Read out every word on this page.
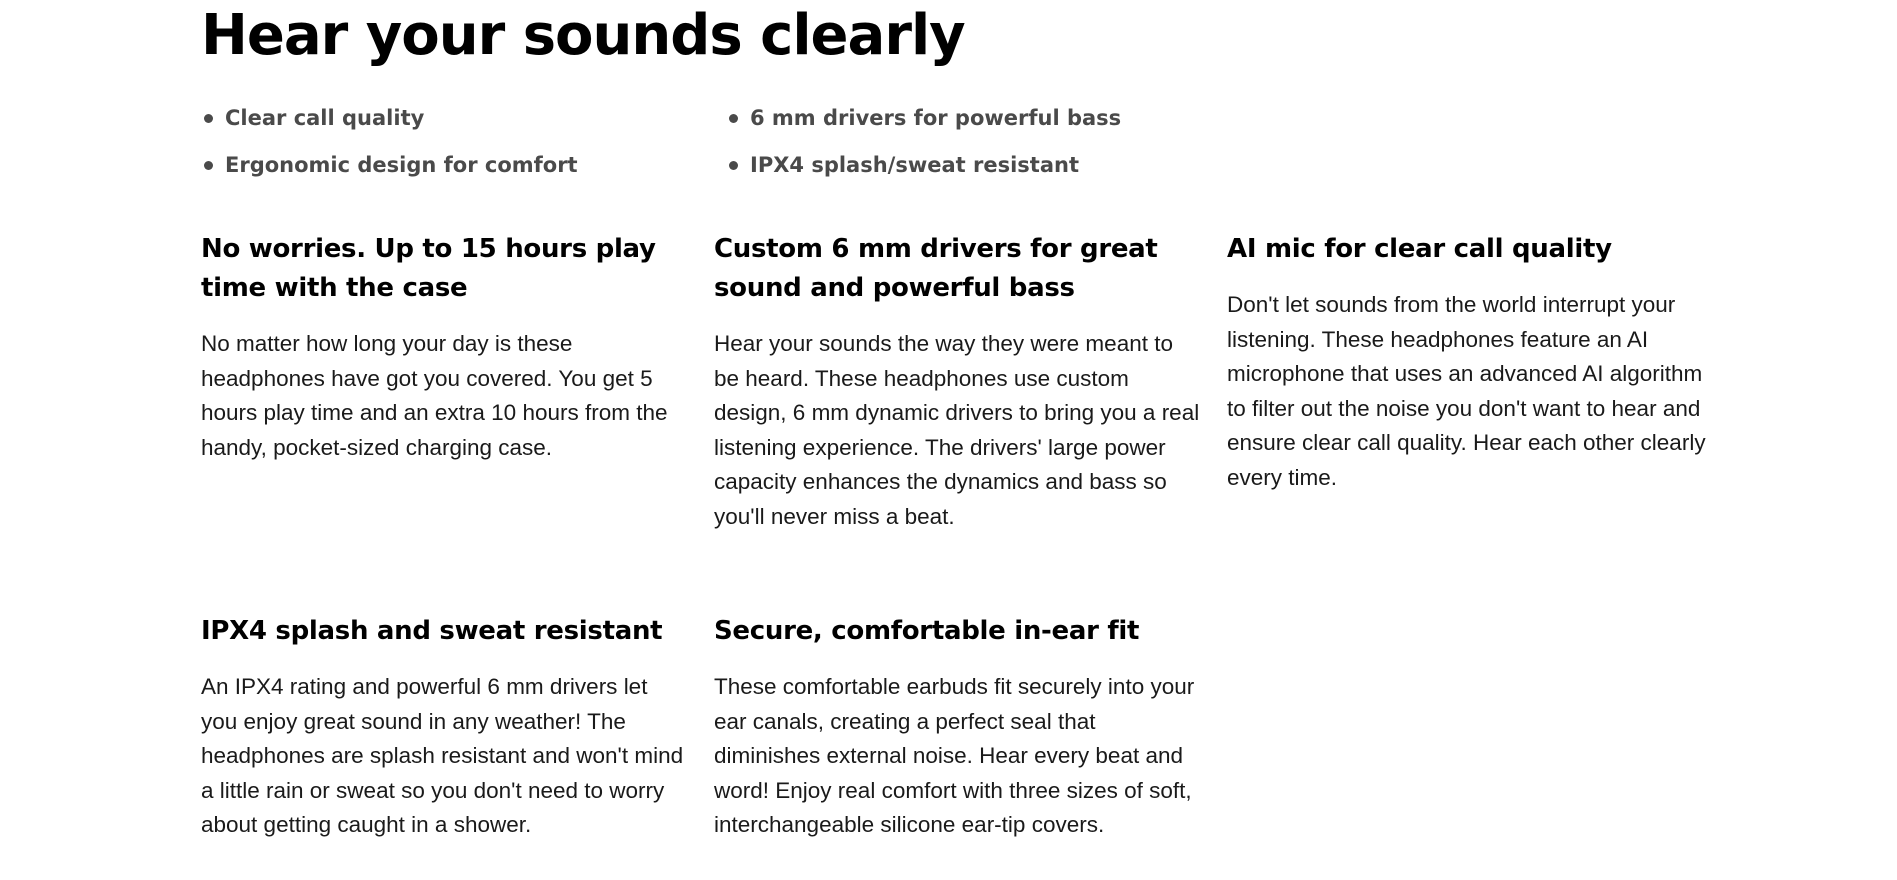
Hear your sounds clearly
Clear call quality	6 mm drivers for powerful bass
Ergonomic design for comfort	IPX4 splash/sweat resistant
No worries. Up to 15 hours play time with the case

No matter how long your day is these headphones have got you covered. You get 5 hours play time and an extra 10 hours from the handy, pocket-sized charging case.

Custom 6 mm drivers for great sound and powerful bass

Hear your sounds the way they were meant to be heard. These headphones use custom design, 6 mm dynamic drivers to bring you a real listening experience. The drivers' large power capacity enhances the dynamics and bass so you'll never miss a beat.

AI mic for clear call quality

Don't let sounds from the world interrupt your listening. These headphones feature an AI microphone that uses an advanced AI algorithm to filter out the noise you don't want to hear and ensure clear call quality. Hear each other clearly every time.

IPX4 splash and sweat resistant

An IPX4 rating and powerful 6 mm drivers let you enjoy great sound in any weather! The headphones are splash resistant and won't mind a little rain or sweat so you don't need to worry about getting caught in a shower.

Secure, comfortable in-ear fit

These comfortable earbuds fit securely into your ear canals, creating a perfect seal that diminishes external noise. Hear every beat and word! Enjoy real comfort with three sizes of soft, interchangeable silicone ear-tip covers.
